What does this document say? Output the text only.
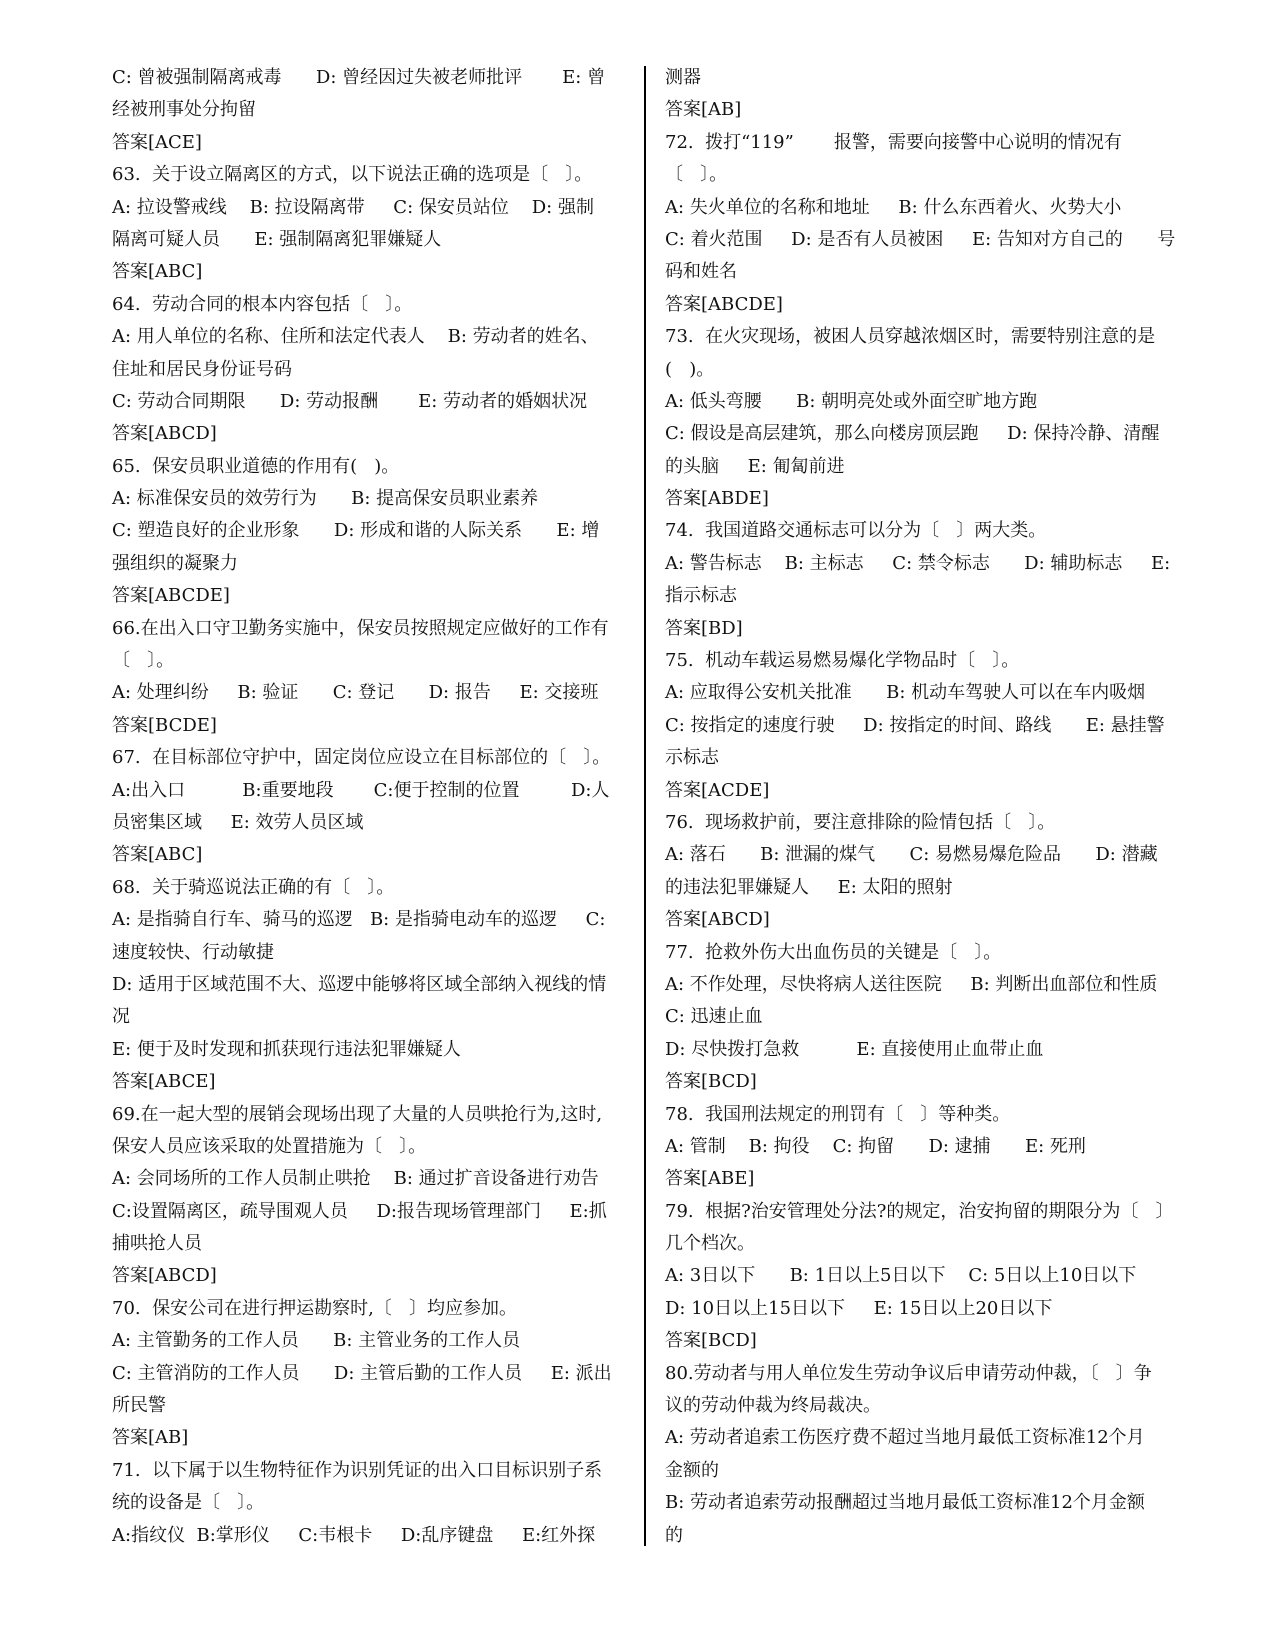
C: 曾被强制隔离戒毒      D: 曾经因过失被老师批评       E: 曾
经被刑事处分拘留
答案[ACE]
63.  关于设立隔离区的方式，以下说法正确的选项是〔   〕。
A: 拉设警戒线    B: 拉设隔离带     C: 保安员站位    D: 强制
隔离可疑人员      E: 强制隔离犯罪嫌疑人
答案[ABC]
64.  劳动合同的根本内容包括〔   〕。
A: 用人单位的名称、住所和法定代表人    B: 劳动者的姓名、
住址和居民身份证号码
C: 劳动合同期限      D: 劳动报酬       E: 劳动者的婚姻状况
答案[ABCD]
65.  保安员职业道德的作用有(   )。
A: 标准保安员的效劳行为      B: 提高保安员职业素养
C: 塑造良好的企业形象      D: 形成和谐的人际关系      E: 增
强组织的凝聚力
答案[ABCDE]
66.在出入口守卫勤务实施中，保安员按照规定应做好的工作有
〔   〕。
A: 处理纠纷     B: 验证      C: 登记      D: 报告     E: 交接班
答案[BCDE]
67.  在目标部位守护中，固定岗位应设立在目标部位的〔   〕。
A:出入口          B:重要地段       C:便于控制的位置         D:人
员密集区域     E: 效劳人员区域
答案[ABC]
68.  关于骑巡说法正确的有〔   〕。
A: 是指骑自行车、骑马的巡逻   B: 是指骑电动车的巡逻     C:
速度较快、行动敏捷
D: 适用于区域范围不大、巡逻中能够将区域全部纳入视线的情
况
E: 便于及时发现和抓获现行违法犯罪嫌疑人
答案[ABCE]
69.在一起大型的展销会现场出现了大量的人员哄抢行为,这时,
保安人员应该采取的处置措施为〔   〕。
A: 会同场所的工作人员制止哄抢    B: 通过扩音设备进行劝告
C:设置隔离区，疏导围观人员     D:报告现场管理部门     E:抓
捕哄抢人员
答案[ABCD]
70.  保安公司在进行押运勘察时,〔   〕均应参加。
A: 主管勤务的工作人员      B: 主管业务的工作人员
C: 主管消防的工作人员      D: 主管后勤的工作人员     E: 派出
所民警
答案[AB]
71.  以下属于以生物特征作为识别凭证的出入口目标识别子系
统的设备是〔   〕。
A:指纹仪  B:掌形仪     C:韦根卡     D:乱序键盘     E:红外探
测器
答案[AB]
72.  拨打“119”       报警，需要向接警中心说明的情况有
〔   〕。
A: 失火单位的名称和地址     B: 什么东西着火、火势大小
C: 着火范围     D: 是否有人员被困     E: 告知对方自己的      号
码和姓名
答案[ABCDE]
73.  在火灾现场，被困人员穿越浓烟区时，需要特别注意的是
(   )。
A: 低头弯腰      B: 朝明亮处或外面空旷地方跑
C: 假设是高层建筑，那么向楼房顶层跑     D: 保持冷静、清醒
的头脑     E: 匍匐前进
答案[ABDE]
74.  我国道路交通标志可以分为〔   〕两大类。
A: 警告标志    B: 主标志     C: 禁令标志      D: 辅助标志     E:
指示标志
答案[BD]
75.  机动车载运易燃易爆化学物品时〔   〕。
A: 应取得公安机关批准      B: 机动车驾驶人可以在车内吸烟
C: 按指定的速度行驶     D: 按指定的时间、路线      E: 悬挂警
示标志
答案[ACDE]
76.  现场救护前，要注意排除的险情包括〔   〕。
A: 落石      B: 泄漏的煤气      C: 易燃易爆危险品      D: 潜藏
的违法犯罪嫌疑人     E: 太阳的照射
答案[ABCD]
77.  抢救外伤大出血伤员的关键是〔   〕。
A: 不作处理，尽快将病人送往医院     B: 判断出血部位和性质
C: 迅速止血
D: 尽快拨打急救          E: 直接使用止血带止血
答案[BCD]
78.  我国刑法规定的刑罚有〔   〕等种类。
A: 管制    B: 拘役    C: 拘留      D: 逮捕      E: 死刑
答案[ABE]
79.  根据?治安管理处分法?的规定，治安拘留的期限分为〔   〕
几个档次。
A: 3日以下      B: 1日以上5日以下    C: 5日以上10日以下
D: 10日以上15日以下     E: 15日以上20日以下
答案[BCD]
80.劳动者与用人单位发生劳动争议后申请劳动仲裁，〔   〕争
议的劳动仲裁为终局裁决。
A: 劳动者追索工伤医疗费不超过当地月最低工资标准12个月
金额的
B: 劳动者追索劳动报酬超过当地月最低工资标准12个月金额
的
